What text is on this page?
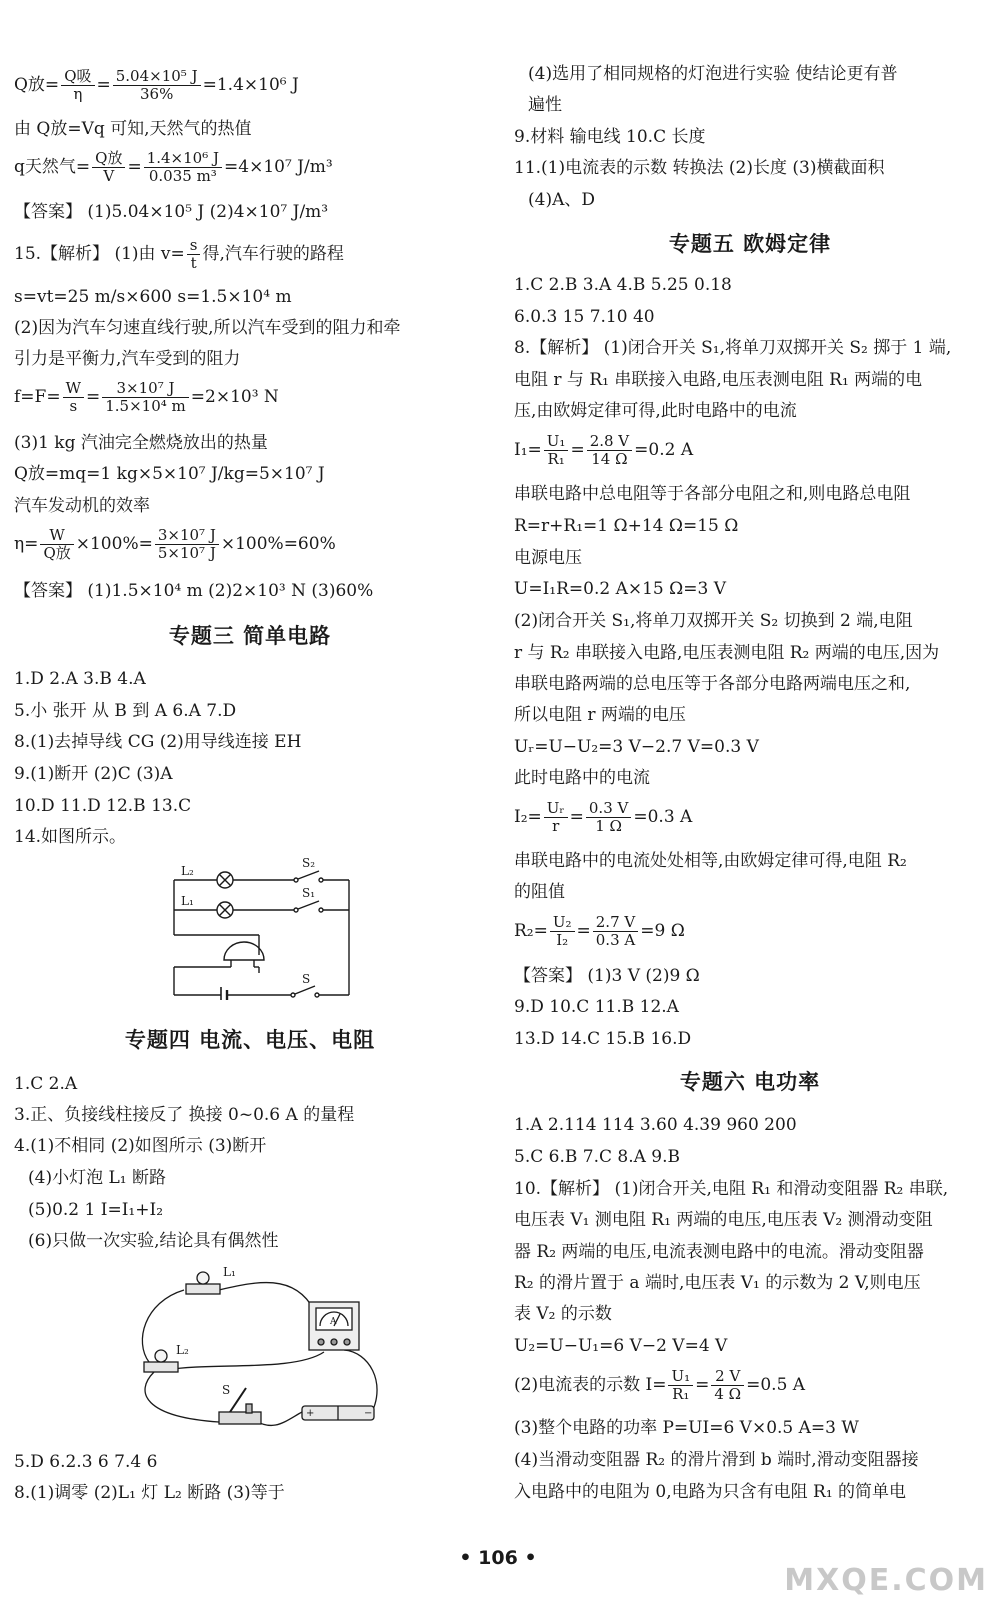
Q放= $\frac{\text{Q吸}}{\eta} = \frac{\text{5.04×10⁵ J}}{36\%} =1.4\times 10^6$ J
由 Q放=Vq 可知,天然气的热值
q天然气= $\frac{\text{Q放}}{V} = \frac{\text{1.4×10⁶ J}}{\text{0.035 m³}} =4\times 10^7$ J/m³
【答案】 (1)5.04×10⁵ J (2)4×10⁷ J/m³
15.【解析】 (1)由 $v= \frac{s}{t}$ 得,汽车行驶的路程
s=vt=25 m/s×600 s=1.5×10⁴ m
(2)因为汽车匀速直线行驶,所以汽车受到的阻力和牵
引力是平衡力,汽车受到的阻力
$f=F= \frac{W}{s} = \frac{\text{3×10⁷ J}}{\text{1.5×10⁴ m}} =2\times 10^3$ N
(3)1 kg 汽油完全燃烧放出的热量
Q放=mq=1 kg×5×10⁷ J/kg=5×10⁷ J
汽车发动机的效率
$\eta= \frac{W}{\text{Q放}} \times 100\%= \frac{\text{3×10⁷ J}}{\text{5×10⁷ J}} \times 100\%=60\%$
【答案】 (1)1.5×10⁴ m (2)2×10³ N (3)60%
专题三 简单电路
1.D 2.A 3.B 4.A
5.小 张开 从 B 到 A 6.A 7.D
8.(1)去掉导线 CG (2)用导线连接 EH
9.(1)断开 (2)C (3)A
10.D 11.D 12.B 13.C
14.如图所示。
L₂
L₁
S₂
S₁
S
专题四 电流、电压、电阻
1.C 2.A
3.正、负接线柱接反了 换接 0~0.6 A 的量程
4.(1)不相同 (2)如图所示 (3)断开
(4)小灯泡 L₁ 断路
(5)0.2 1 I=I₁+I₂
(6)只做一次实验,结论具有偶然性
L₁
L₂
S
A
+	−
5.D 6.2.3 6 7.4 6
8.(1)调零 (2)L₁ 灯 L₂ 断路 (3)等于
(4)选用了相同规格的灯泡进行实验 使结论更有普
遍性
9.材料 输电线 10.C 长度
11.(1)电流表的示数 转换法 (2)长度 (3)横截面积
(4)A、D
专题五 欧姆定律
1.C 2.B 3.A 4.B 5.25 0.18
6.0.3 15 7.10 40
8.【解析】 (1)闭合开关 S₁,将单刀双掷开关 S₂ 掷于 1 端,
电阻 r 与 R₁ 串联接入电路,电压表测电阻 R₁ 两端的电
压,由欧姆定律可得,此时电路中的电流
$I_1= \frac{\text{U₁}}{\text{R₁}} = \frac{2.8 V}{14 \Omega} =0.2$ A
串联电路中总电阻等于各部分电阻之和,则电路总电阻
R=r+R₁=1 Ω+14 Ω=15 Ω
电源电压
U=I₁R=0.2 A×15 Ω=3 V
(2)闭合开关 S₁,将单刀双掷开关 S₂ 切换到 2 端,电阻
r 与 R₂ 串联接入电路,电压表测电阻 R₂ 两端的电压,因为
串联电路两端的总电压等于各部分电路两端电压之和,
所以电阻 r 两端的电压
Uᵣ=U−U₂=3 V−2.7 V=0.3 V
此时电路中的电流
$I_2= \frac{\text{Uᵣ}}{r} = \frac{0.3 V}{1 \Omega} =0.3$ A
串联电路中的电流处处相等,由欧姆定律可得,电阻 R₂
的阻值
$R_2= \frac{\text{U₂}}{\text{I₂}} = \frac{2.7 V}{0.3 A} =9$ Ω
【答案】 (1)3 V (2)9 Ω
9.D 10.C 11.B 12.A
13.D 14.C 15.B 16.D
专题六 电功率
1.A 2.114 114 3.60 4.39 960 200
5.C 6.B 7.C 8.A 9.B
10.【解析】 (1)闭合开关,电阻 R₁ 和滑动变阻器 R₂ 串联,
电压表 V₁ 测电阻 R₁ 两端的电压,电压表 V₂ 测滑动变阻
器 R₂ 两端的电压,电流表测电路中的电流。滑动变阻器
R₂ 的滑片置于 a 端时,电压表 V₁ 的示数为 2 V,则电压
表 V₂ 的示数
U₂=U−U₁=6 V−2 V=4 V
(2)电流表的示数 $I= \frac{\text{U₁}}{\text{R₁}} = \frac{2 V}{4 \Omega} =0.5$ A
(3)整个电路的功率 P=UI=6 V×0.5 A=3 W
(4)当滑动变阻器 R₂ 的滑片滑到 b 端时,滑动变阻器接
入电路中的电阻为 0,电路为只含有电阻 R₁ 的简单电
• 106 •
MXQE.COM
